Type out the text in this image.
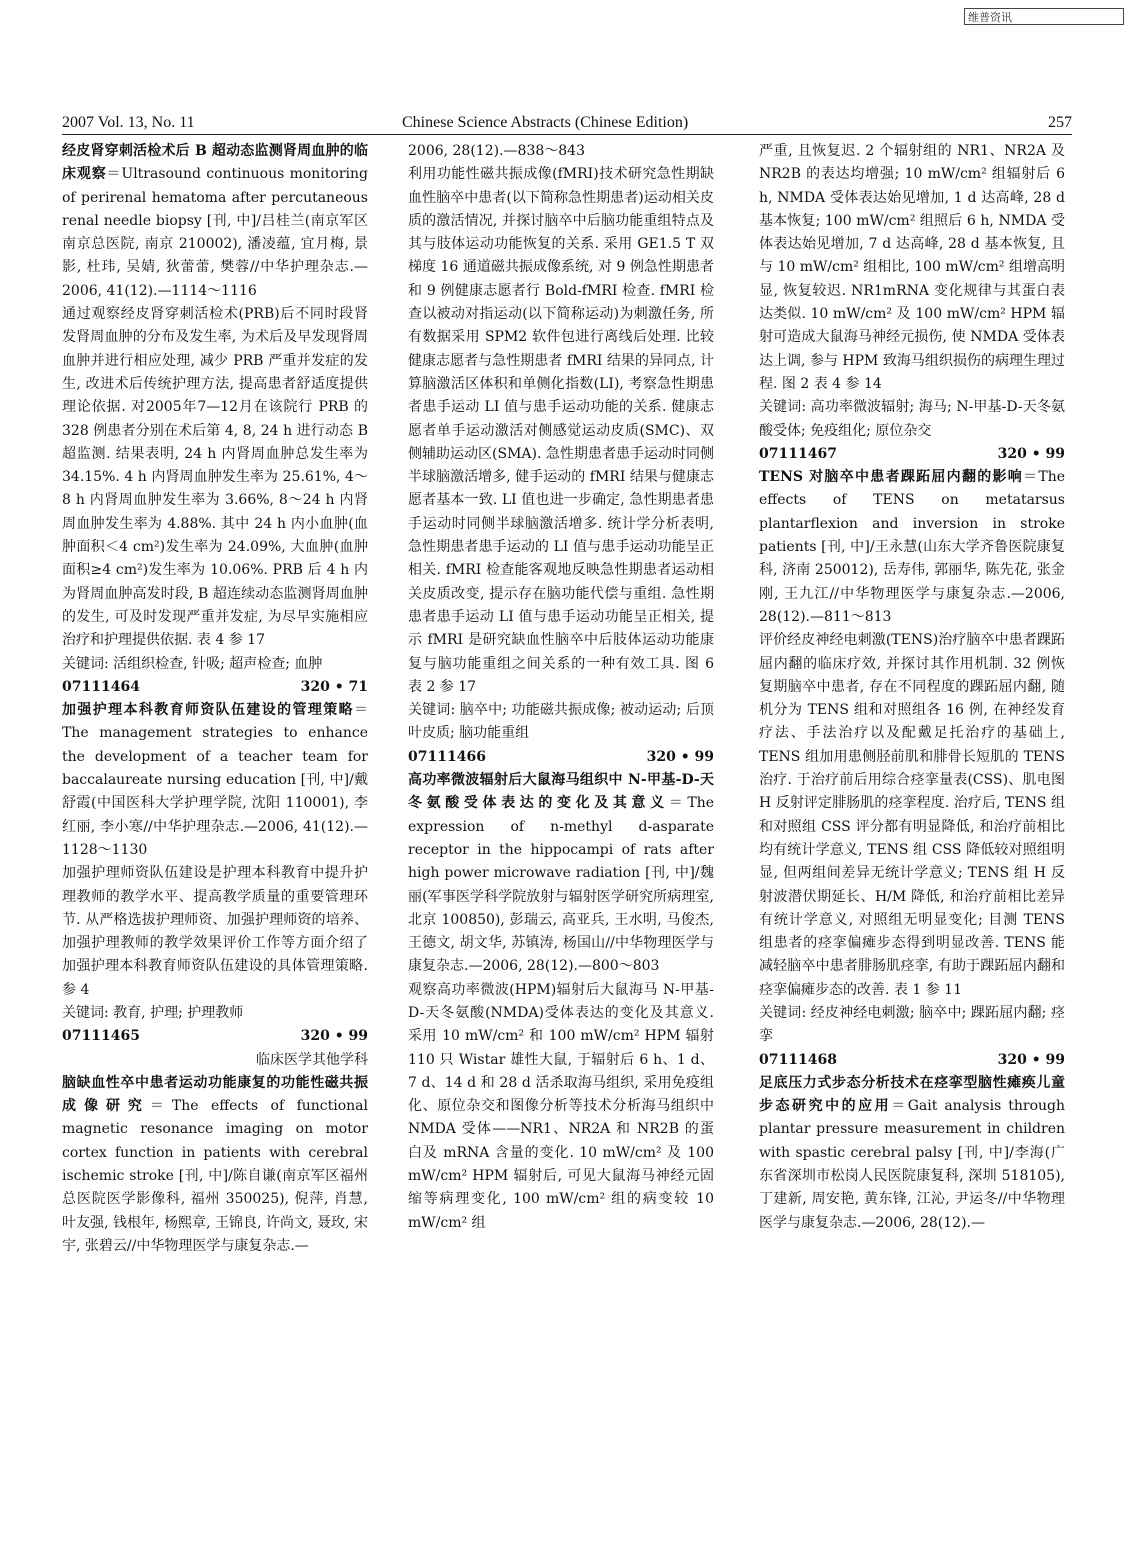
维普资讯
2007 Vol. 13, No. 11	Chinese Science Abstracts (Chinese Edition)	257

经皮肾穿刺活检术后 B 超动态监测肾周血肿的临床观察＝Ultrasound continuous monitoring of perirenal hematoma after percutaneous renal needle biopsy [刊, 中]/吕桂兰(南京军区南京总医院, 南京 210002), 潘凌蕴, 宜月梅, 景影, 杜玮, 吴婧, 狄蕾蕾, 樊蓉//中华护理杂志.—2006, 41(12).—1114～1116

通过观察经皮肾穿刺活检术(PRB)后不同时段肾发肾周血肿的分布及发生率, 为术后及早发现肾周血肿并进行相应处理, 减少 PRB 严重并发症的发生, 改进术后传统护理方法, 提高患者舒适度提供理论依据. 对2005年7—12月在该院行 PRB 的 328 例患者分别在术后第 4, 8, 24 h 进行动态 B 超监测. 结果表明, 24 h 内肾周血肿总发生率为 34.15%. 4 h 内肾周血肿发生率为 25.61%, 4～8 h 内肾周血肿发生率为 3.66%, 8～24 h 内肾周血肿发生率为 4.88%. 其中 24 h 内小血肿(血肿面积＜4 cm²)发生率为 24.09%, 大血肿(血肿面积≥4 cm²)发生率为 10.06%. PRB 后 4 h 内为肾周血肿高发时段, B 超连续动态监测肾周血肿的发生, 可及时发现严重并发症, 为尽早实施相应治疗和护理提供依据. 表 4 参 17

关键词: 活组织检查, 针吸; 超声检查; 血肿

07111464	320 • 71

加强护理本科教育师资队伍建设的管理策略＝The management strategies to enhance the development of a teacher team for baccalaureate nursing education [刊, 中]/戴舒霞(中国医科大学护理学院, 沈阳 110001), 李红丽, 李小寒//中华护理杂志.—2006, 41(12).—1128～1130

加强护理师资队伍建设是护理本科教育中提升护理教师的教学水平、提高教学质量的重要管理环节. 从严格选拔护理师资、加强护理师资的培养、加强护理教师的教学效果评价工作等方面介绍了加强护理本科教育师资队伍建设的具体管理策略. 参 4

关键词: 教育, 护理; 护理教师

07111465	320 • 99

临床医学其他学科

脑缺血性卒中患者运动功能康复的功能性磁共振成像研究＝The effects of functional magnetic resonance imaging on motor cortex function in patients with cerebral ischemic stroke [刊, 中]/陈自谦(南京军区福州总医院医学影像科, 福州 350025), 倪萍, 肖慧, 叶友强, 钱根年, 杨熙章, 王锦良, 许尚文, 聂玫, 宋宇, 张碧云//中华物理医学与康复杂志.—

2006, 28(12).—838～843

利用功能性磁共振成像(fMRI)技术研究急性期缺血性脑卒中患者(以下简称急性期患者)运动相关皮质的激活情况, 并探讨脑卒中后脑功能重组特点及其与肢体运动功能恢复的关系. 采用 GE1.5 T 双梯度 16 通道磁共振成像系统, 对 9 例急性期患者和 9 例健康志愿者行 Bold-fMRI 检查. fMRI 检查以被动对指运动(以下简称运动)为刺激任务, 所有数据采用 SPM2 软件包进行离线后处理. 比较健康志愿者与急性期患者 fMRI 结果的异同点, 计算脑激活区体积和单侧化指数(LI), 考察急性期患者患手运动 LI 值与患手运动功能的关系. 健康志愿者单手运动激活对侧感觉运动皮质(SMC)、双侧辅助运动区(SMA). 急性期患者患手运动时同侧半球脑激活增多, 健手运动的 fMRI 结果与健康志愿者基本一致. LI 值也进一步确定, 急性期患者患手运动时同侧半球脑激活增多. 统计学分析表明, 急性期患者患手运动的 LI 值与患手运动功能呈正相关. fMRI 检查能客观地反映急性期患者运动相关皮质改变, 提示存在脑功能代偿与重组. 急性期患者患手运动 LI 值与患手运动功能呈正相关, 提示 fMRI 是研究缺血性脑卒中后肢体运动功能康复与脑功能重组之间关系的一种有效工具. 图 6 表 2 参 17

关键词: 脑卒中; 功能磁共振成像; 被动运动; 后顶叶皮质; 脑功能重组

07111466	320 • 99

高功率微波辐射后大鼠海马组织中 N-甲基-D-天冬氨酸受体表达的变化及其意义＝The expression of n-methyl d-asparate receptor in the hippocampi of rats after high power microwave radiation [刊, 中]/魏丽(军事医学科学院放射与辐射医学研究所病理室, 北京 100850), 彭瑞云, 高亚兵, 王水明, 马俊杰, 王德文, 胡文华, 苏镇涛, 杨国山//中华物理医学与康复杂志.—2006, 28(12).—800～803

观察高功率微波(HPM)辐射后大鼠海马 N-甲基-D-天冬氨酸(NMDA)受体表达的变化及其意义. 采用 10 mW/cm² 和 100 mW/cm² HPM 辐射 110 只 Wistar 雄性大鼠, 于辐射后 6 h、1 d、7 d、14 d 和 28 d 活杀取海马组织, 采用免疫组化、原位杂交和图像分析等技术分析海马组织中 NMDA 受体——NR1、NR2A 和 NR2B 的蛋白及 mRNA 含量的变化. 10 mW/cm² 及 100 mW/cm² HPM 辐射后, 可见大鼠海马神经元固缩等病理变化, 100 mW/cm² 组的病变较 10 mW/cm² 组

严重, 且恢复迟. 2 个辐射组的 NR1、NR2A 及 NR2B 的表达均增强; 10 mW/cm² 组辐射后 6 h, NMDA 受体表达始见增加, 1 d 达高峰, 28 d 基本恢复; 100 mW/cm² 组照后 6 h, NMDA 受体表达始见增加, 7 d 达高峰, 28 d 基本恢复, 且与 10 mW/cm² 组相比, 100 mW/cm² 组增高明显, 恢复较迟. NR1mRNA 变化规律与其蛋白表达类似. 10 mW/cm² 及 100 mW/cm² HPM 辐射可造成大鼠海马神经元损伤, 使 NMDA 受体表达上调, 参与 HPM 致海马组织损伤的病理生理过程. 图 2 表 4 参 14

关键词: 高功率微波辐射; 海马; N-甲基-D-天冬氨酸受体; 免疫组化; 原位杂交

07111467	320 • 99

TENS 对脑卒中患者踝跖屈内翻的影响＝The effects of TENS on metatarsus plantarflexion and inversion in stroke patients [刊, 中]/王永慧(山东大学齐鲁医院康复科, 济南 250012), 岳寿伟, 郭丽华, 陈先花, 张金刚, 王九江//中华物理医学与康复杂志.—2006, 28(12).—811～813

评价经皮神经电刺激(TENS)治疗脑卒中患者踝跖屈内翻的临床疗效, 并探讨其作用机制. 32 例恢复期脑卒中患者, 存在不同程度的踝跖屈内翻, 随机分为 TENS 组和对照组各 16 例, 在神经发育疗法、手法治疗以及配戴足托治疗的基础上, TENS 组加用患侧胫前肌和腓骨长短肌的 TENS 治疗. 于治疗前后用综合痉挛量表(CSS)、肌电图 H 反射评定腓肠肌的痉挛程度. 治疗后, TENS 组和对照组 CSS 评分都有明显降低, 和治疗前相比均有统计学意义, TENS 组 CSS 降低较对照组明显, 但两组间差异无统计学意义; TENS 组 H 反射波潜伏期延长、H/M 降低, 和治疗前相比差异有统计学意义, 对照组无明显变化; 目测 TENS 组患者的痉挛偏瘫步态得到明显改善. TENS 能减轻脑卒中患者腓肠肌痉挛, 有助于踝跖屈内翻和痉挛偏瘫步态的改善. 表 1 参 11

关键词: 经皮神经电刺激; 脑卒中; 踝跖屈内翻; 痉挛

07111468	320 • 99

足底压力式步态分析技术在痉挛型脑性瘫痪儿童步态研究中的应用＝Gait analysis through plantar pressure measurement in children with spastic cerebral palsy [刊, 中]/李海(广东省深圳市松岗人民医院康复科, 深圳 518105), 丁建新, 周安艳, 黄东锋, 江沁, 尹运冬//中华物理医学与康复杂志.—2006, 28(12).—
